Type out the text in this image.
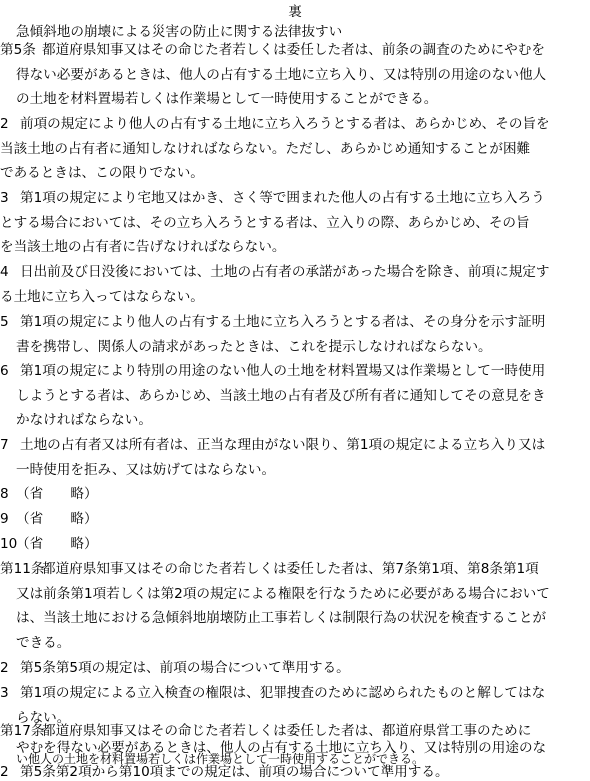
裏
急傾斜地の崩壊による災害の防止に関する法律抜すい
第5条 都道府県知事又はその命じた者若しくは委任した者は、前条の調査のためにやむを
得ない必要があるときは、他人の占有する土地に立ち入り、又は特別の用途のない他人
の土地を材料置場若しくは作業場として一時使用することができる。
2 前項の規定により他人の占有する土地に立ち入ろうとする者は、あらかじめ、その旨を
当該土地の占有者に通知しなければならない。ただし、あらかじめ通知することが困難
であるときは、この限りでない。
3 第1項の規定により宅地又はかき、さく等で囲まれた他人の占有する土地に立ち入ろう
とする場合においては、その立ち入ろうとする者は、立入りの際、あらかじめ、その旨
を当該土地の占有者に告げなければならない。
4 日出前及び日没後においては、土地の占有者の承諾があった場合を除き、前項に規定す
る土地に立ち入ってはならない。
5 第1項の規定により他人の占有する土地に立ち入ろうとする者は、その身分を示す証明
書を携帯し、関係人の請求があったときは、これを提示しなければならない。
6 第1項の規定により特別の用途のない他人の土地を材料置場又は作業場として一時使用
しようとする者は、あらかじめ、当該土地の占有者及び所有者に通知してその意見をき
かなければならない。
7 土地の占有者又は所有者は、正当な理由がない限り、第1項の規定による立ち入り又は
一時使用を拒み、又は妨げてはならない。
8 （省　　略）
9 （省　　略）
10（省　　略）
第11条都道府県知事又はその命じた者若しくは委任した者は、第7条第1項、第8条第1項
又は前条第1項若しくは第2項の規定による権限を行なうために必要がある場合において
は、当該土地における急傾斜地崩壊防止工事若しくは制限行為の状況を検査することが
できる。
2 第5条第5項の規定は、前項の場合について準用する。
3 第1項の規定による立入検査の権限は、犯罪捜査のために認められたものと解してはな
らない。
第17条都道府県知事又はその命じた者若しくは委任した者は、都道府県営工事のために
やむを得ない必要があるときは、他人の占有する土地に立ち入り、又は特別の用途のな
い他人の土地を材料置場若しくは作業場として一時使用することができる。
2 第5条第2項から第10項までの規定は、前項の場合について準用する。
